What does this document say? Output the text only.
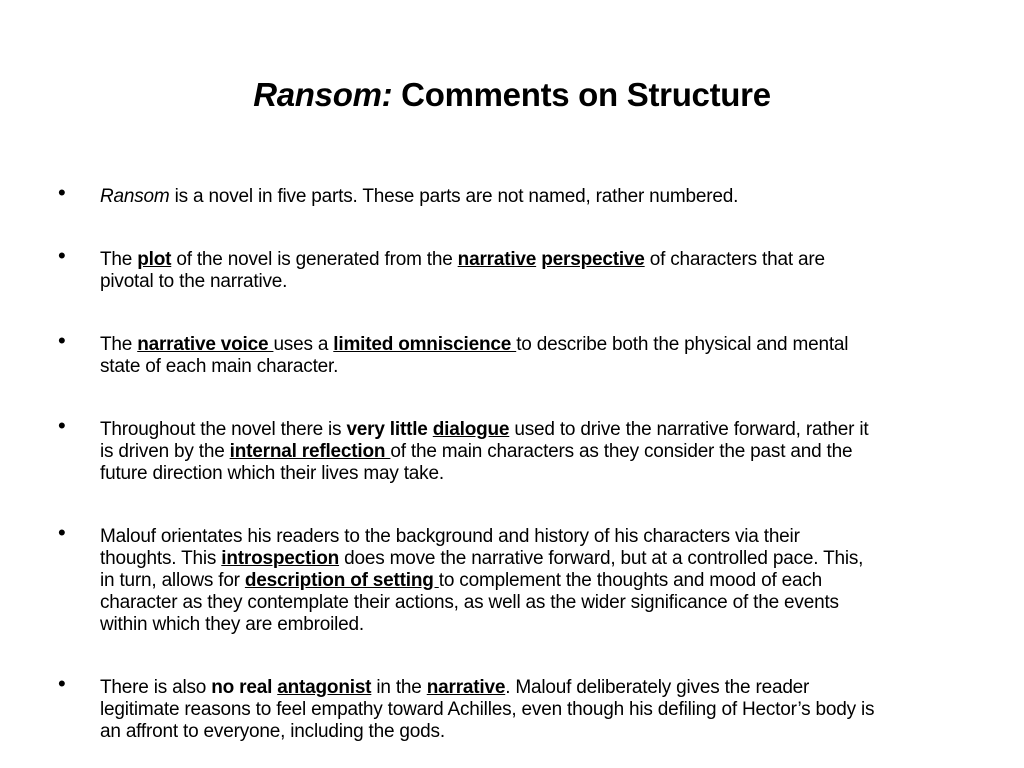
Ransom: Comments on Structure
• Ransom is a novel in five parts. These parts are not named, rather numbered.
• The plot of the novel is generated from the narrative perspective of characters that are pivotal to the narrative.
• The narrative voice uses a limited omniscience to describe both the physical and mental state of each main character.
• Throughout the novel there is very little dialogue used to drive the narrative forward, rather it is driven by the internal reflection of the main characters as they consider the past and the future direction which their lives may take.
• Malouf orientates his readers to the background and history of his characters via their thoughts. This introspection does move the narrative forward, but at a controlled pace. This, in turn, allows for description of setting to complement the thoughts and mood of each character as they contemplate their actions, as well as the wider significance of the events within which they are embroiled.
• There is also no real antagonist in the narrative. Malouf deliberately gives the reader legitimate reasons to feel empathy toward Achilles, even though his defiling of Hector’s body is an affront to everyone, including the gods.
